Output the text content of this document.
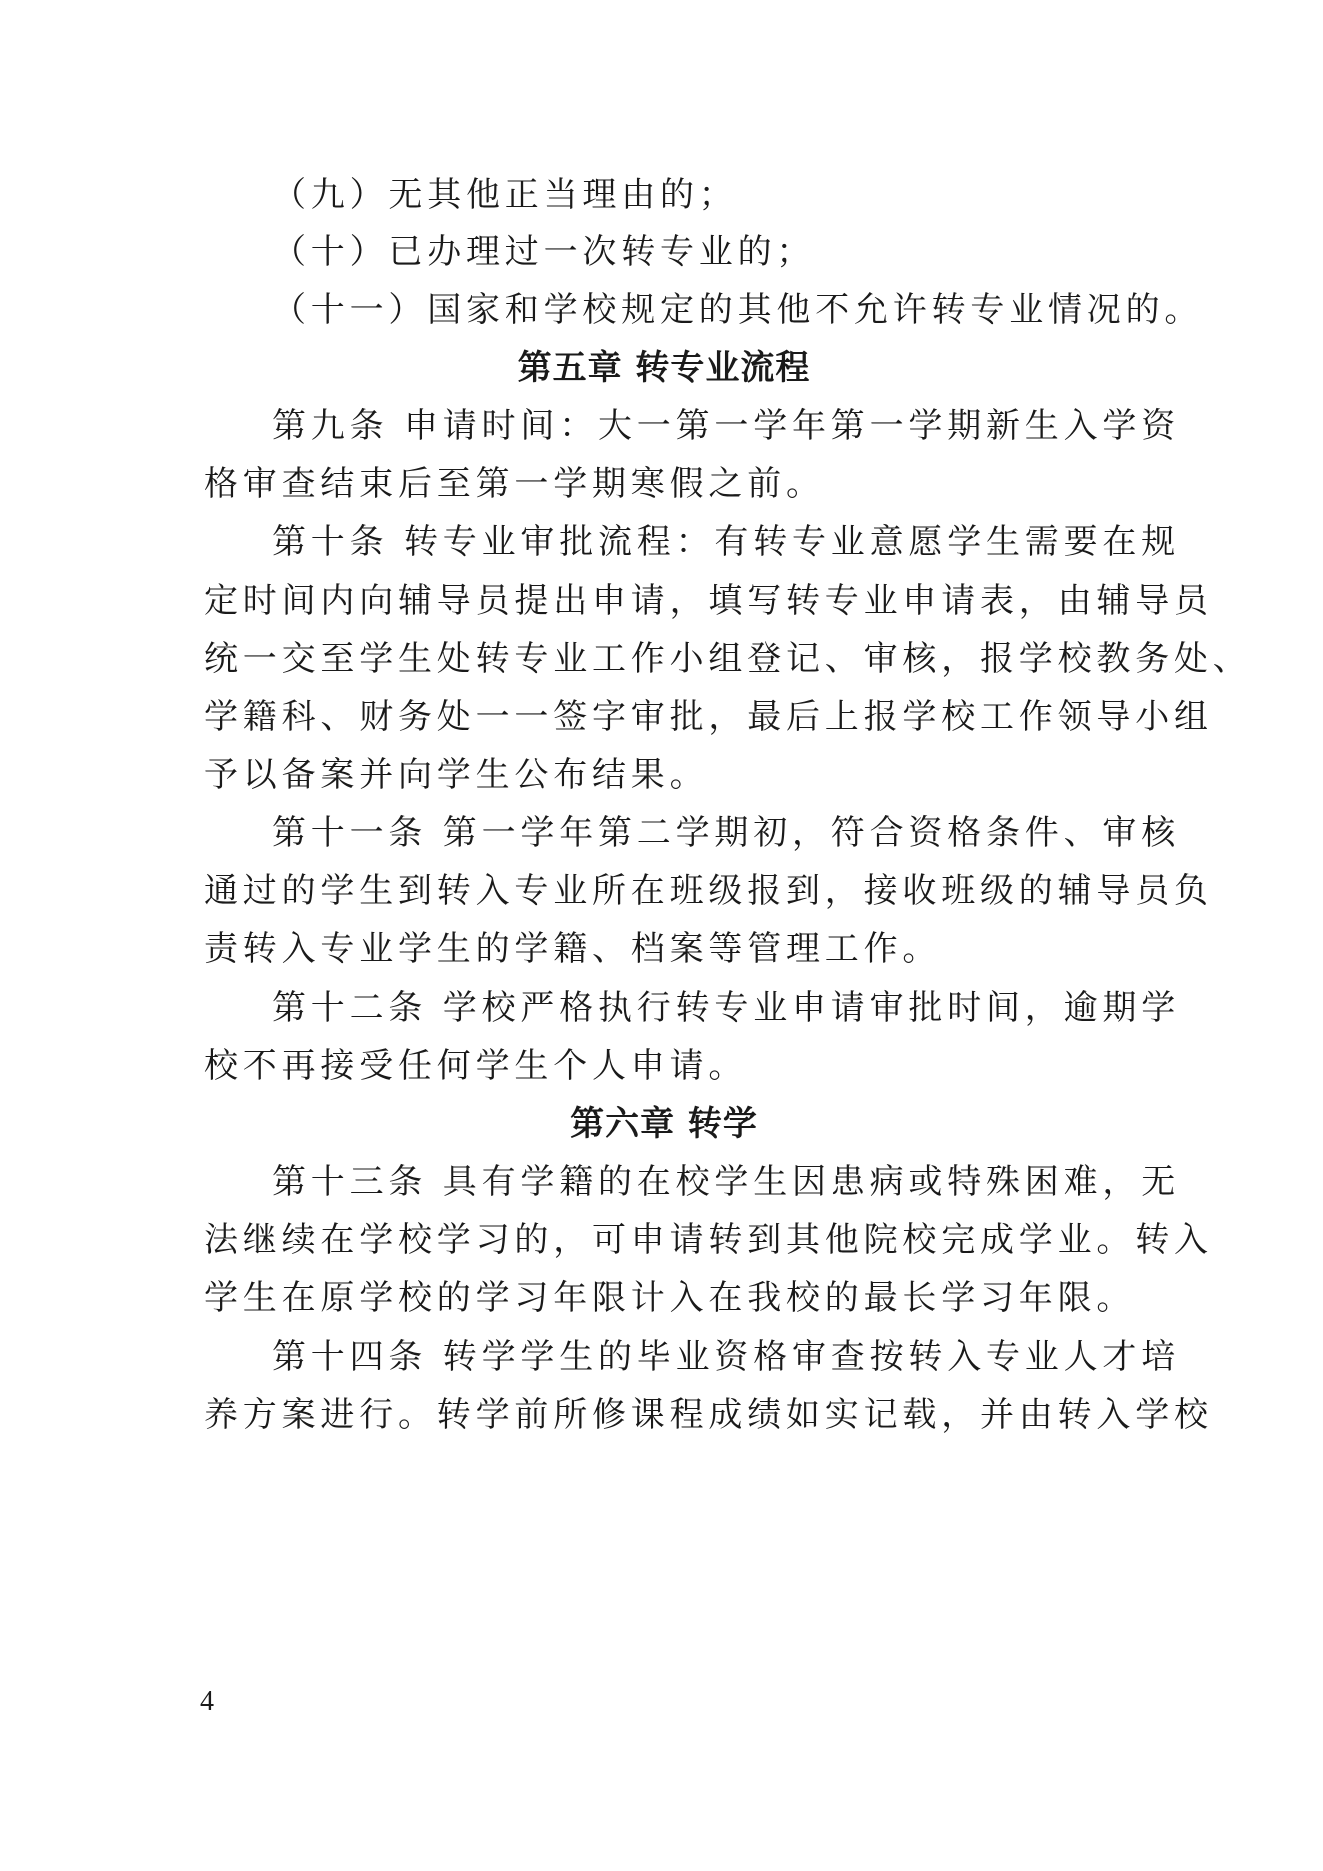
（九）无其他正当理由的；
（十）已办理过一次转专业的；
（十一）国家和学校规定的其他不允许转专业情况的。
第五章 转专业流程
第九条 申请时间：大一第一学年第一学期新生入学资
格审查结束后至第一学期寒假之前。
第十条 转专业审批流程：有转专业意愿学生需要在规
定时间内向辅导员提出申请，填写转专业申请表，由辅导员
统一交至学生处转专业工作小组登记、审核，报学校教务处、
学籍科、财务处一一签字审批，最后上报学校工作领导小组
予以备案并向学生公布结果。
第十一条 第一学年第二学期初，符合资格条件、审核
通过的学生到转入专业所在班级报到，接收班级的辅导员负
责转入专业学生的学籍、档案等管理工作。
第十二条 学校严格执行转专业申请审批时间，逾期学
校不再接受任何学生个人申请。
第六章 转学
第十三条 具有学籍的在校学生因患病或特殊困难，无
法继续在学校学习的，可申请转到其他院校完成学业。转入
学生在原学校的学习年限计入在我校的最长学习年限。
第十四条 转学学生的毕业资格审查按转入专业人才培
养方案进行。转学前所修课程成绩如实记载，并由转入学校
4
